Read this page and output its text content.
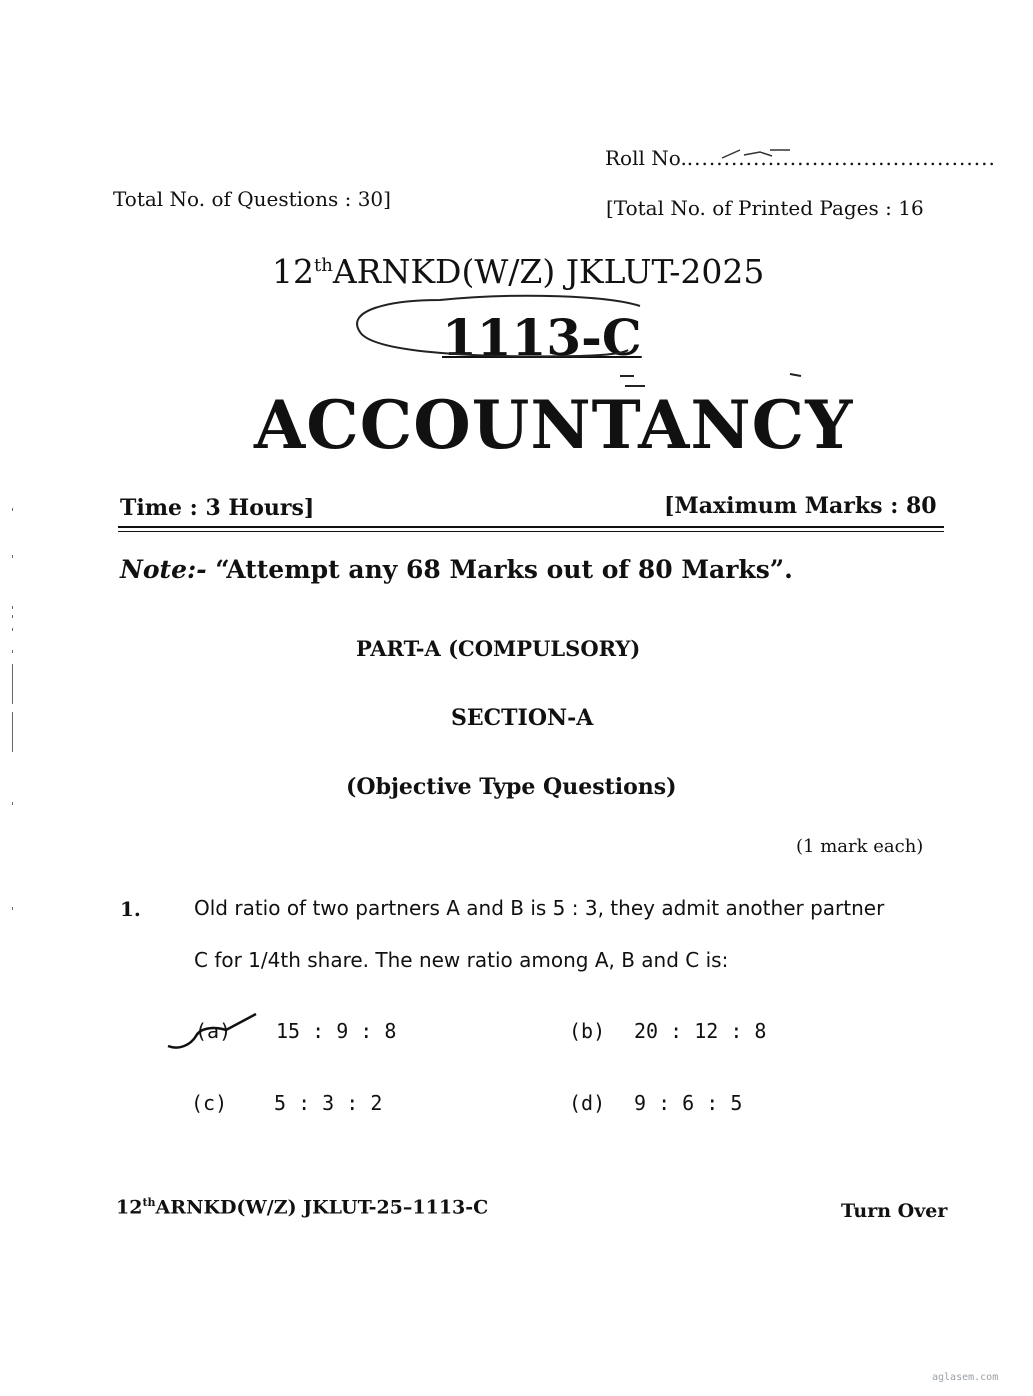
Roll No...........................................
Total No. of Questions : 30]	[Total No. of Printed Pages : 16
12thARNKD(W/Z) JKLUT-2025
1113-C
ACCOUNTANCY
Time : 3 Hours]	[Maximum Marks : 80
Note:- “Attempt any 68 Marks out of 80 Marks”.
PART-A (COMPULSORY)
SECTION-A
(Objective Type Questions)
(1 mark each)
1.	Old ratio of two partners A and B is 5 : 3, they admit another partner
C for 1/4th share. The new ratio among A, B and C is:
(a) 15 : 9 : 8	(b) 20 : 12 : 8
(c) 5 : 3 : 2	(d) 9 : 6 : 5
12thARNKD(W/Z) JKLUT-25–1113-C	Turn Over
aglasem.com
